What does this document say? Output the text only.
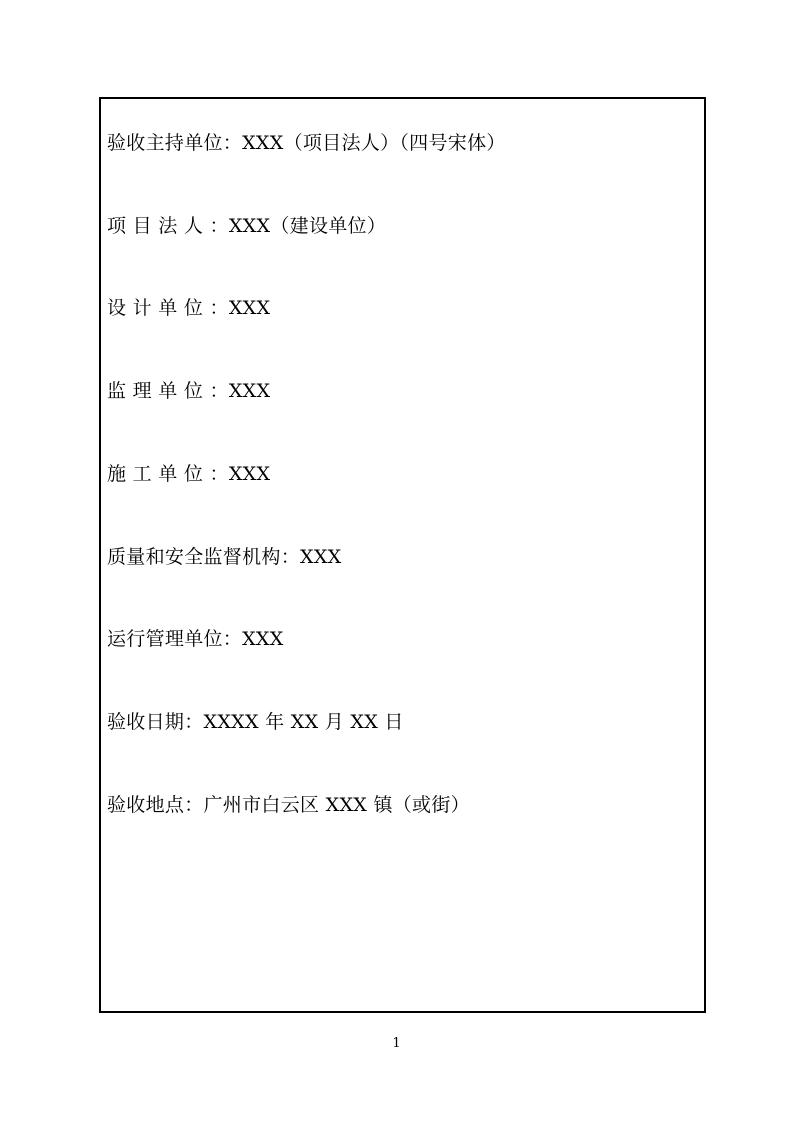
验收主持单位：XXX（项目法人）（四号宋体）

项 目 法 人 ：XXX（建设单位）

设 计 单 位 ：XXX

监 理 单 位 ：XXX

施 工 单 位 ：XXX

质量和安全监督机构：XXX

运行管理单位：XXX

验收日期：XXXX 年 XX 月 XX 日

验收地点：广州市白云区 XXX 镇（或街）

1
